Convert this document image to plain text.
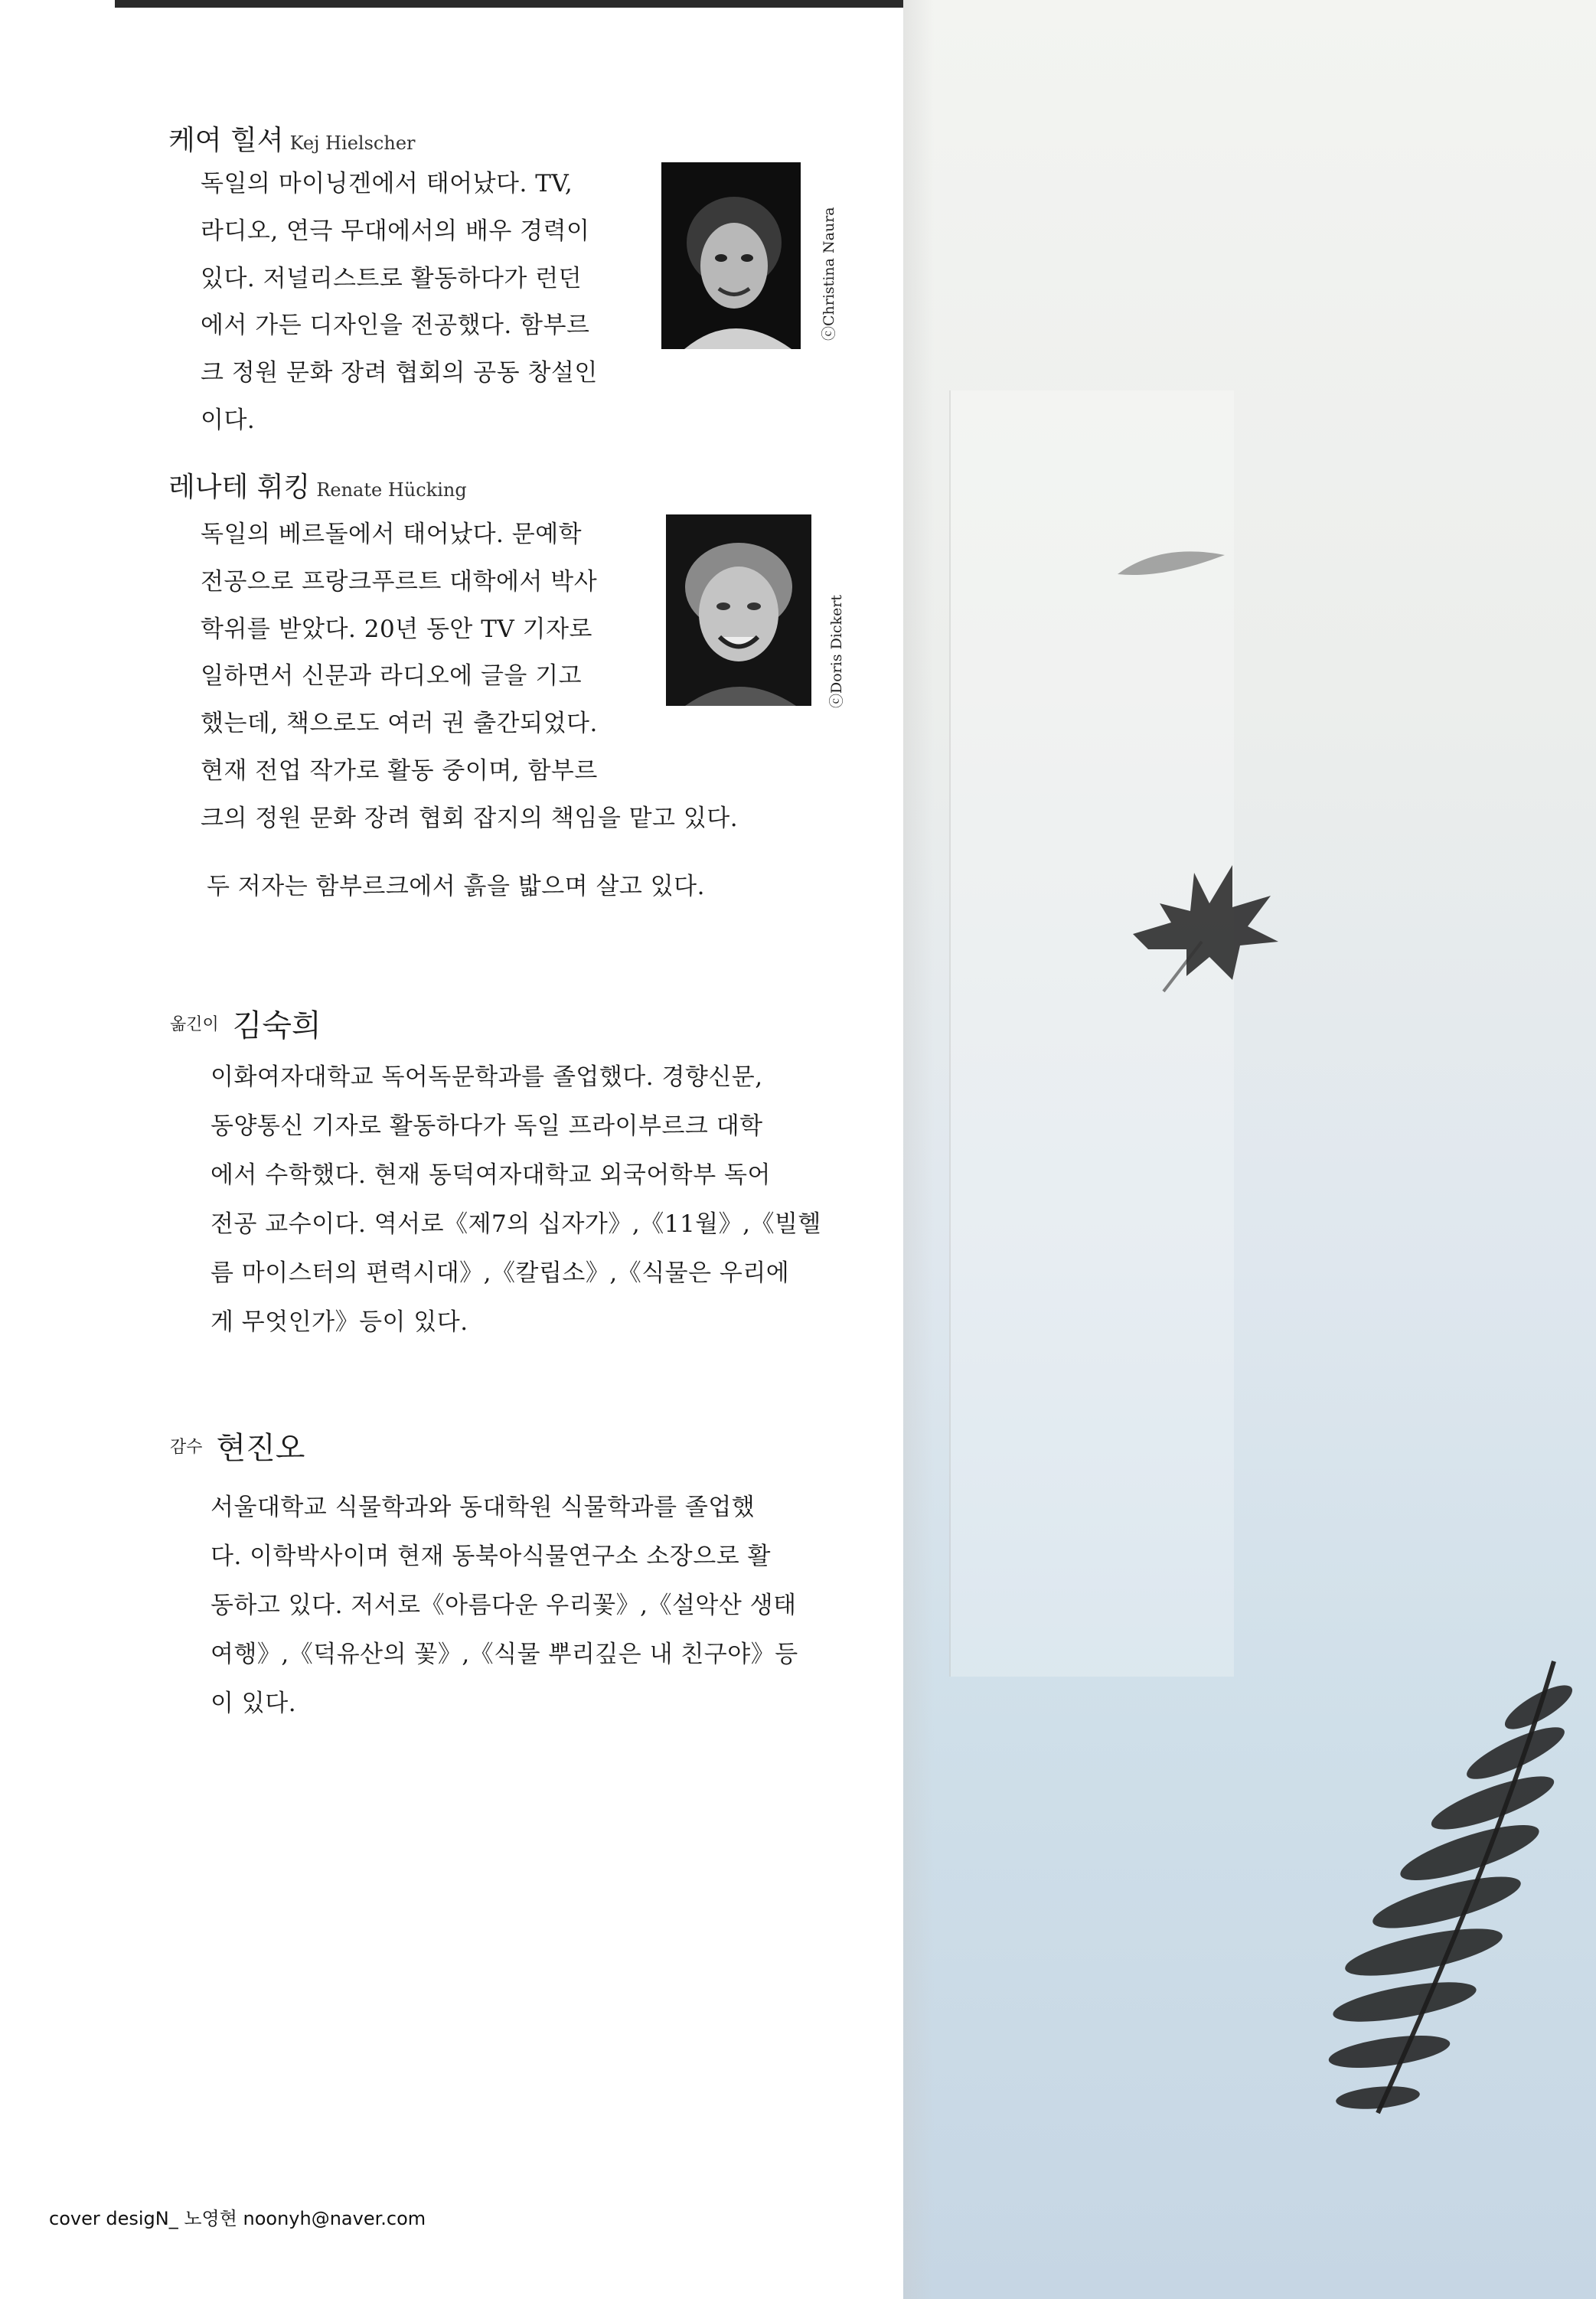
케여 힐셔 Kej Hielscher
독일의 마이닝겐에서 태어났다. TV,
라디오, 연극 무대에서의 배우 경력이
있다. 저널리스트로 활동하다가 런던
에서 가든 디자인을 전공했다. 함부르
크 정원 문화 장려 협회의 공동 창설인
이다.
ⓒChristina Naura
레나테 휘킹 Renate Hücking
독일의 베르돌에서 태어났다. 문예학
전공으로 프랑크푸르트 대학에서 박사
학위를 받았다. 20년 동안 TV 기자로
일하면서 신문과 라디오에 글을 기고
했는데, 책으로도 여러 권 출간되었다.
현재 전업 작가로 활동 중이며, 함부르
크의 정원 문화 장려 협회 잡지의 책임을 맡고 있다.
ⓒDoris Dickert
두 저자는 함부르크에서 흙을 밟으며 살고 있다.
옮긴이 김숙희
이화여자대학교 독어독문학과를 졸업했다. 경향신문,
동양통신 기자로 활동하다가 독일 프라이부르크 대학
에서 수학했다. 현재 동덕여자대학교 외국어학부 독어
전공 교수이다. 역서로《제7의 십자가》,《11월》,《빌헬
름 마이스터의 편력시대》,《칼립소》,《식물은 우리에
게 무엇인가》등이 있다.
감수 현진오
서울대학교 식물학과와 동대학원 식물학과를 졸업했
다. 이학박사이며 현재 동북아식물연구소 소장으로 활
동하고 있다. 저서로《아름다운 우리꽃》,《설악산 생태
여행》,《덕유산의 꽃》,《식물 뿌리깊은 내 친구야》등
이 있다.
cover desigN_ 노영현 noonyh@naver.com
